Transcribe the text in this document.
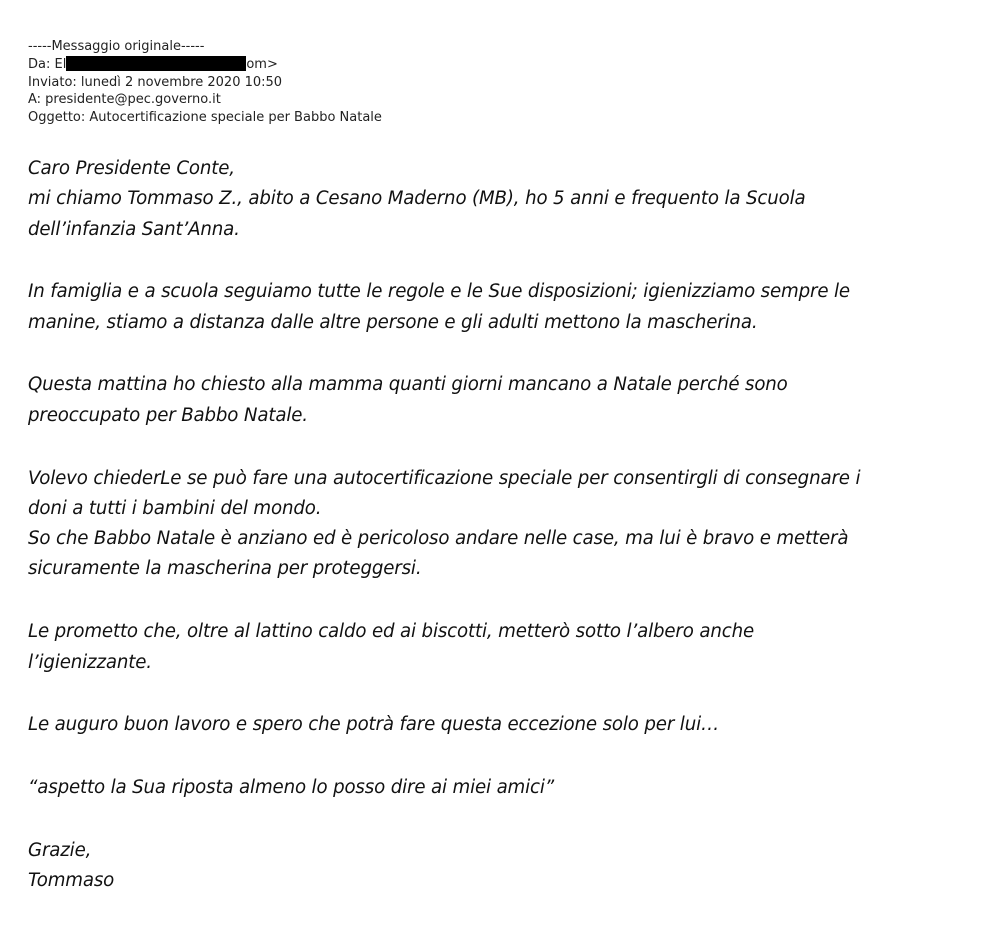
-----Messaggio originale-----
Da: El	om>
Inviato: lunedì 2 novembre 2020 10:50
A: presidente@pec.governo.it
Oggetto: Autocertificazione speciale per Babbo Natale

Caro Presidente Conte,

mi chiamo Tommaso Z., abito a Cesano Maderno (MB), ho 5 anni e frequento la Scuola

dell’infanzia Sant’Anna.

In famiglia e a scuola seguiamo tutte le regole e le Sue disposizioni; igienizziamo sempre le

manine, stiamo a distanza dalle altre persone e gli adulti mettono la mascherina.

Questa mattina ho chiesto alla mamma quanti giorni mancano a Natale perché sono

preoccupato per Babbo Natale.

Volevo chiederLe se può fare una autocertificazione speciale per consentirgli di consegnare i

doni a tutti i bambini del mondo.

So che Babbo Natale è anziano ed è pericoloso andare nelle case, ma lui è bravo e metterà

sicuramente la mascherina per proteggersi.

Le prometto che, oltre al lattino caldo ed ai biscotti, metterò sotto l’albero anche

l’igienizzante.

Le auguro buon lavoro e spero che potrà fare questa eccezione solo per lui…

“aspetto la Sua riposta almeno lo posso dire ai miei amici”

Grazie,

Tommaso
